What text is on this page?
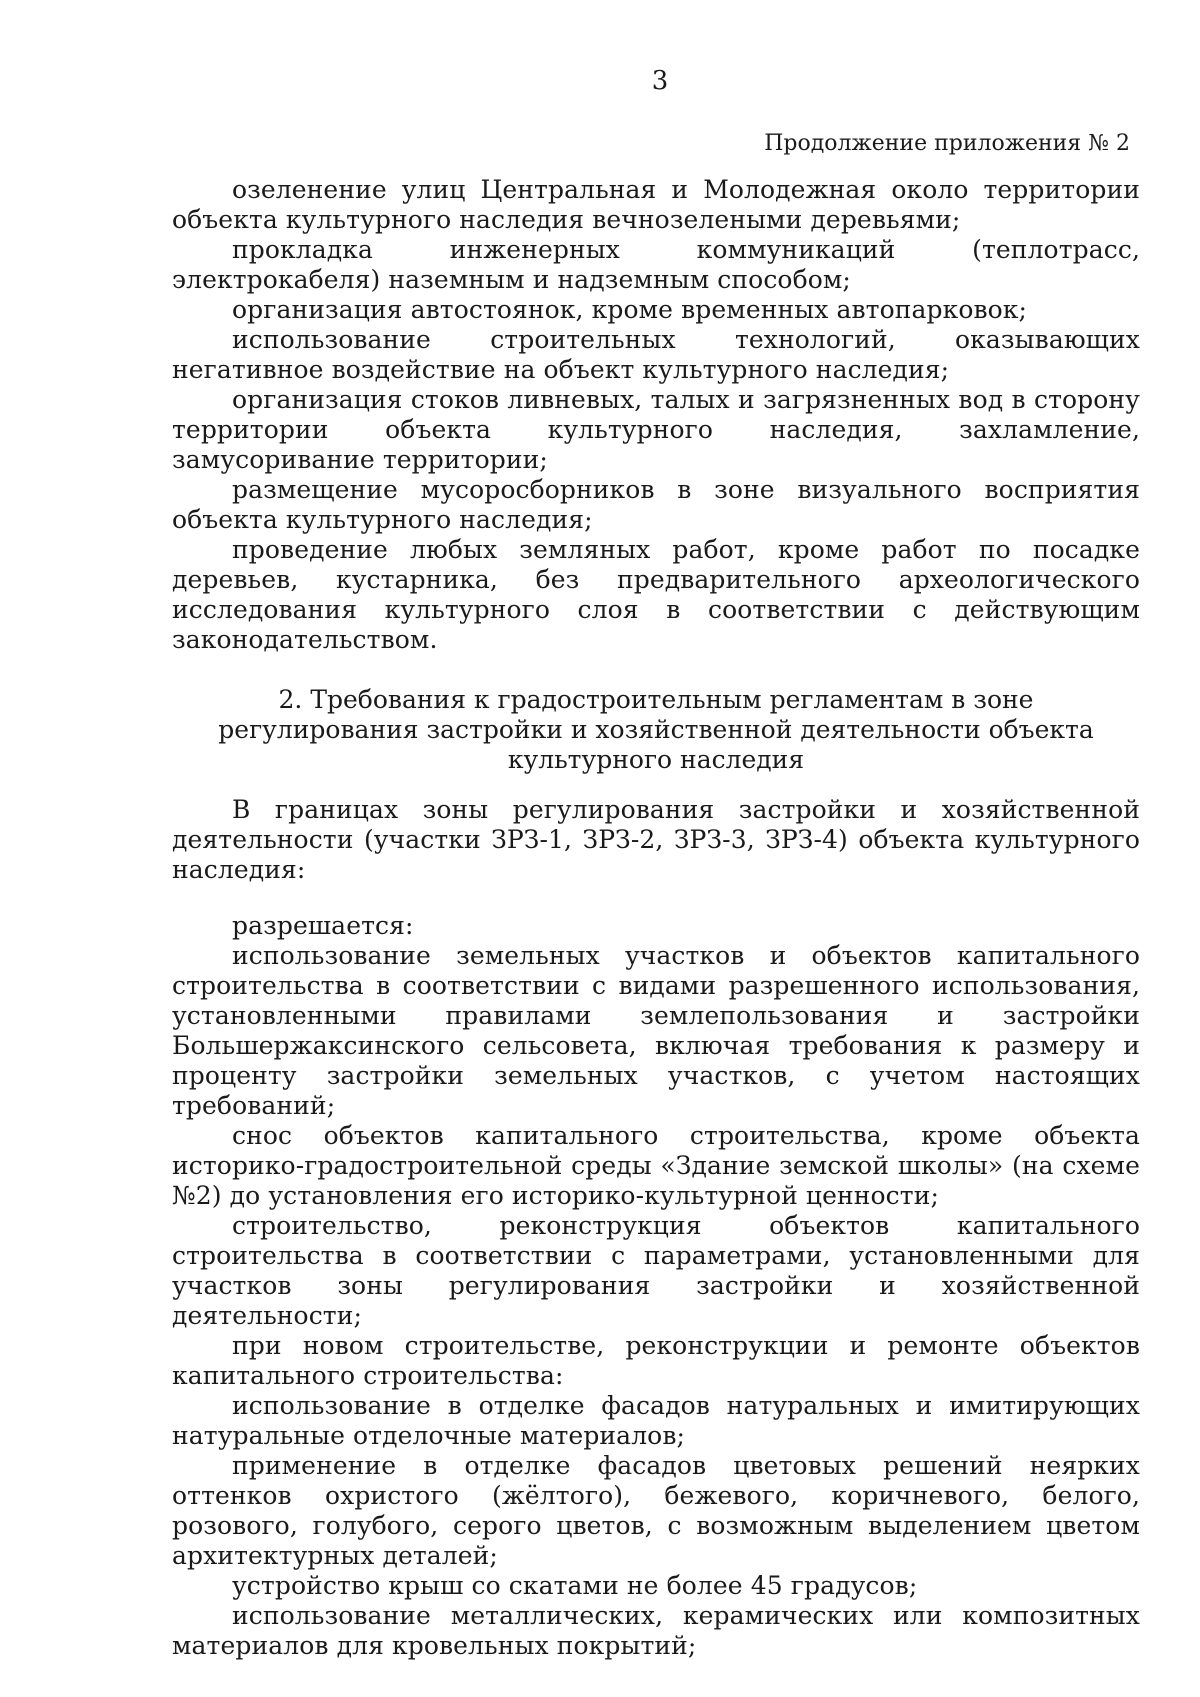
3
Продолжение приложения № 2

озеленение улиц Центральная и Молодежная около территории объекта культурного наследия вечнозелеными деревьями;

прокладка инженерных коммуникаций (теплотрасс, электрокабеля) наземным и надземным способом;

организация автостоянок, кроме временных автопарковок;

использование строительных технологий, оказывающих негативное воздействие на объект культурного наследия;

организация стоков ливневых, талых и загрязненных вод в сторону территории объекта культурного наследия, захламление, замусоривание территории;

размещение мусоросборников в зоне визуального восприятия объекта культурного наследия;

проведение любых земляных работ, кроме работ по посадке деревьев, кустарника, без предварительного археологического исследования культурного слоя в соответствии с действующим законодательством.

2. Требования к градостроительным регламентам в зоне регулирования застройки и хозяйственной деятельности объекта культурного наследия

В границах зоны регулирования застройки и хозяйственной деятельности (участки ЗРЗ-1, ЗРЗ-2, ЗРЗ-3, ЗРЗ-4) объекта культурного наследия:

разрешается:

использование земельных участков и объектов капитального строительства в соответствии с видами разрешенного использования, установленными правилами землепользования и застройки Большержаксинского сельсовета, включая требования к размеру и проценту застройки земельных участков, с учетом настоящих требований;

снос объектов капитального строительства, кроме объекта историко-градостроительной среды «Здание земской школы» (на схеме №2) до установления его историко-культурной ценности;

строительство, реконструкция объектов капитального строительства в соответствии с параметрами, установленными для участков зоны регулирования застройки и хозяйственной деятельности;

при новом строительстве, реконструкции и ремонте объектов капитального строительства:

использование в отделке фасадов натуральных и имитирующих натуральные отделочные материалов;

применение в отделке фасадов цветовых решений неярких оттенков охристого (жёлтого), бежевого, коричневого, белого, розового, голубого, серого цветов, с возможным выделением цветом архитектурных деталей;

устройство крыш со скатами не более 45 градусов;

использование металлических, керамических или композитных материалов для кровельных покрытий;
